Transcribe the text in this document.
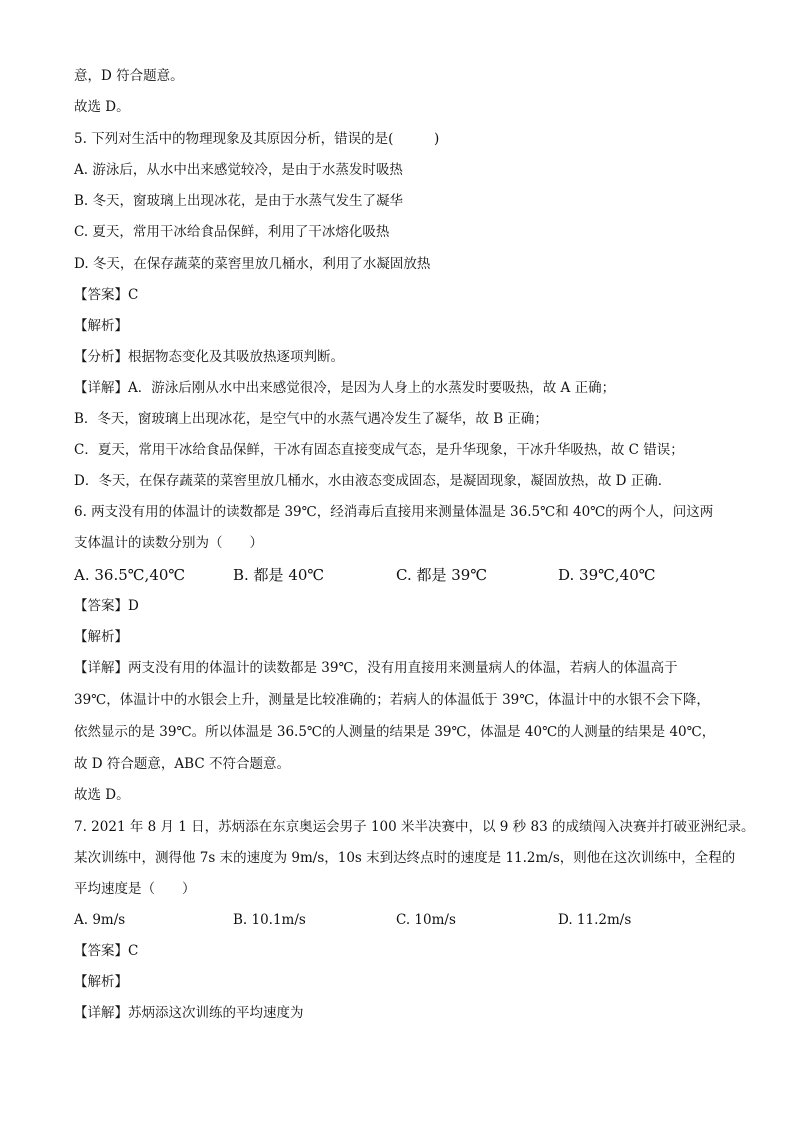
意，D 符合题意。
故选 D。
5. 下列对生活中的物理现象及其原因分析，错误的是(　　　)
A. 游泳后，从水中出来感觉较冷，是由于水蒸发时吸热
B. 冬天，窗玻璃上出现冰花，是由于水蒸气发生了凝华
C. 夏天，常用干冰给食品保鲜，利用了干冰熔化吸热
D. 冬天，在保存蔬菜的菜窖里放几桶水，利用了水凝固放热
【答案】C
【解析】
【分析】根据物态变化及其吸放热逐项判断。
【详解】A．游泳后刚从水中出来感觉很冷，是因为人身上的水蒸发时要吸热，故 A 正确；
B．冬天，窗玻璃上出现冰花，是空气中的水蒸气遇冷发生了凝华，故 B 正确；
C．夏天，常用干冰给食品保鲜，干冰有固态直接变成气态，是升华现象，干冰升华吸热，故 C 错误；
D．冬天，在保存蔬菜的菜窖里放几桶水，水由液态变成固态，是凝固现象，凝固放热，故 D 正确．
6. 两支没有用的体温计的读数都是 39℃，经消毒后直接用来测量体温是 36.5℃和 40℃的两个人，问这两
支体温计的读数分别为（　　）
A. 36.5℃,40℃	B. 都是 40℃	C. 都是 39℃	D. 39℃,40℃
【答案】D
【解析】
【详解】两支没有用的体温计的读数都是 39℃，没有用直接用来测量病人的体温，若病人的体温高于
39℃，体温计中的水银会上升，测量是比较准确的；若病人的体温低于 39℃，体温计中的水银不会下降，
依然显示的是 39℃。所以体温是 36.5℃的人测量的结果是 39℃，体温是 40℃的人测量的结果是 40℃，
故 D 符合题意，ABC 不符合题意。
故选 D。
7. 2021 年 8 月 1 日，苏炳添在东京奥运会男子 100 米半决赛中，以 9 秒 83 的成绩闯入决赛并打破亚洲纪录。
某次训练中，测得他 7s 末的速度为 9m/s，10s 末到达终点时的速度是 11.2m/s，则他在这次训练中，全程的
平均速度是（　　）
A. 9m/s	B. 10.1m/s	C. 10m/s	D. 11.2m/s
【答案】C
【解析】
【详解】苏炳添这次训练的平均速度为
